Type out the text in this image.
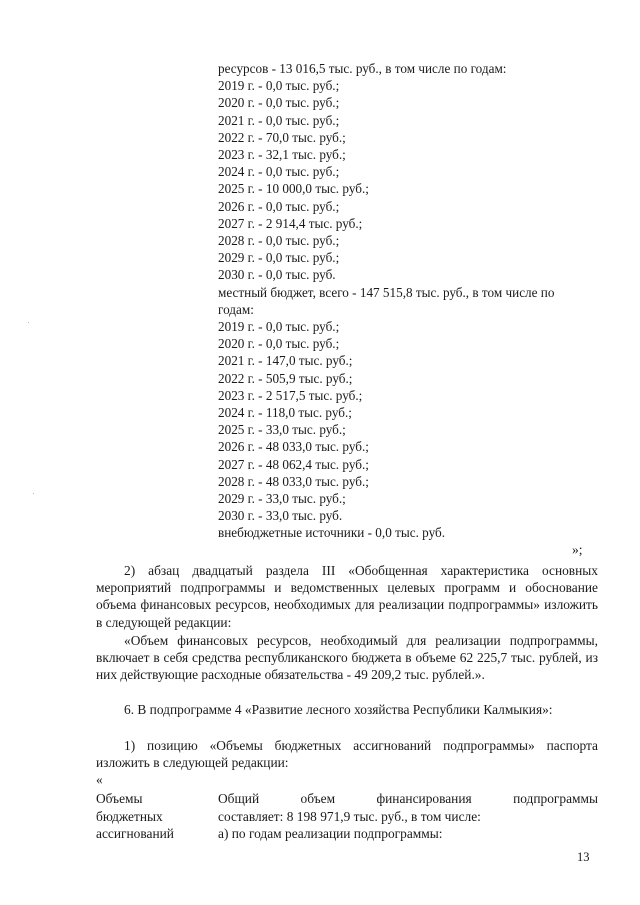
ресурсов - 13 016,5 тыс. руб., в том числе по годам:
2019 г. - 0,0 тыс. руб.;
2020 г. - 0,0 тыс. руб.;
2021 г. - 0,0 тыс. руб.;
2022 г. - 70,0 тыс. руб.;
2023 г. - 32,1 тыс. руб.;
2024 г. - 0,0 тыс. руб.;
2025 г. - 10 000,0 тыс. руб.;
2026 г. - 0,0 тыс. руб.;
2027 г. - 2 914,4 тыс. руб.;
2028 г. - 0,0 тыс. руб.;
2029 г. - 0,0 тыс. руб.;
2030 г. - 0,0 тыс. руб.
местный бюджет, всего - 147 515,8 тыс. руб., в том числе по годам:
2019 г. - 0,0 тыс. руб.;
2020 г. - 0,0 тыс. руб.;
2021 г. - 147,0 тыс. руб.;
2022 г. - 505,9 тыс. руб.;
2023 г. - 2 517,5 тыс. руб.;
2024 г. - 118,0 тыс. руб.;
2025 г. - 33,0 тыс. руб.;
2026 г. - 48 033,0 тыс. руб.;
2027 г. - 48 062,4 тыс. руб.;
2028 г. - 48 033,0 тыс. руб.;
2029 г. - 33,0 тыс. руб.;
2030 г. - 33,0 тыс. руб.
внебюджетные источники - 0,0 тыс. руб.
»;
2) абзац двадцатый раздела III «Обобщенная характеристика основных мероприятий подпрограммы и ведомственных целевых программ и обоснование объема финансовых ресурсов, необходимых для реализации подпрограммы» изложить в следующей редакции:
«Объем финансовых ресурсов, необходимый для реализации подпрограммы, включает в себя средства республиканского бюджета в объеме 62 225,7 тыс. рублей, из них действующие расходные обязательства - 49 209,2 тыс. рублей.».
6. В подпрограмме 4 «Развитие лесного хозяйства Республики Калмыкия»:
1) позицию «Объемы бюджетных ассигнований подпрограммы» паспорта изложить в следующей редакции:
«
Объемы	Общий объем финансирования подпрограммы
бюджетных	составляет: 8 198 971,9 тыс. руб., в том числе:
ассигнований	а) по годам реализации подпрограммы:
13
